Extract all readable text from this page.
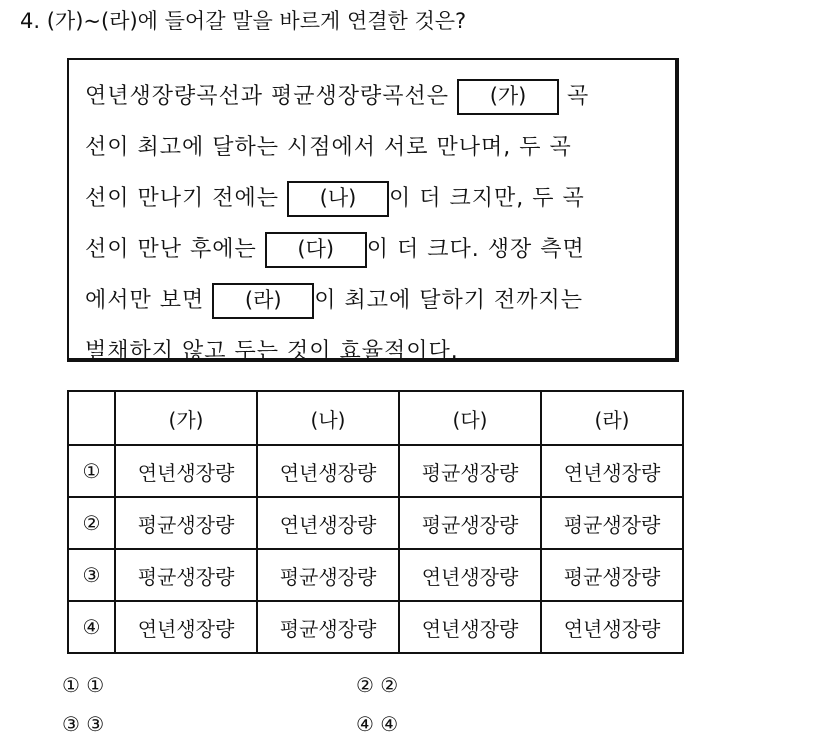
4. (가)~(라)에 들어갈 말을 바르게 연결한 것은?
연년생장량곡선과 평균생장량곡선은 (가) 곡
선이 최고에 달하는 시점에서 서로 만나며, 두 곡
선이 만나기 전에는 (나) 이 더 크지만, 두 곡
선이 만난 후에는 (다) 이 더 크다. 생장 측면
에서만 보면 (라) 이 최고에 달하기 전까지는
벌채하지 않고 두는 것이 효율적이다.
	(가)	(나)	(다)	(라)
①	연년생장량	연년생장량	평균생장량	연년생장량
②	평균생장량	연년생장량	평균생장량	평균생장량
③	평균생장량	평균생장량	연년생장량	평균생장량
④	연년생장량	평균생장량	연년생장량	연년생장량
① ①	② ②
③ ③	④ ④
